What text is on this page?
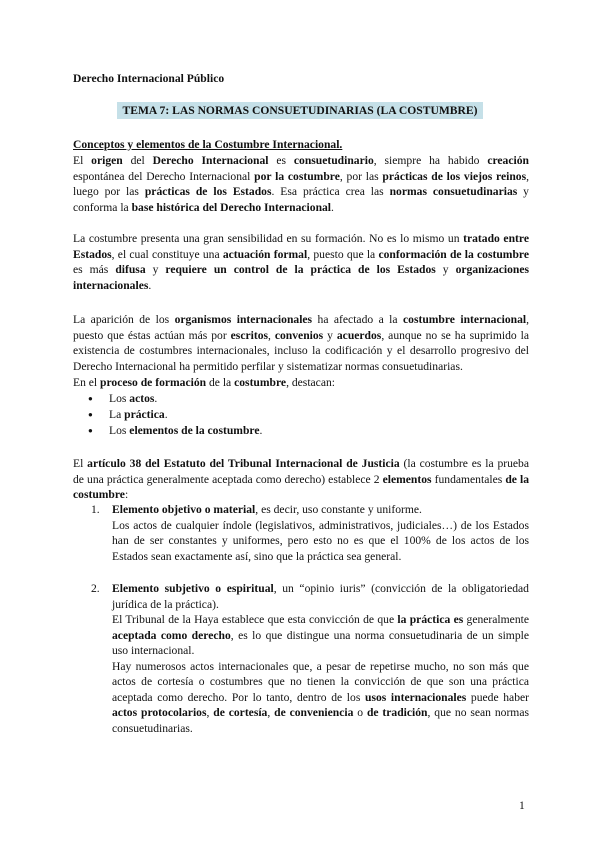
Derecho Internacional Público

TEMA 7: LAS NORMAS CONSUETUDINARIAS (LA COSTUMBRE)

Conceptos y elementos de la Costumbre Internacional.

El origen del Derecho Internacional es consuetudinario, siempre ha habido creación espontánea del Derecho Internacional por la costumbre, por las prácticas de los viejos reinos, luego por las prácticas de los Estados. Esa práctica crea las normas consuetudinarias y conforma la base histórica del Derecho Internacional.

La costumbre presenta una gran sensibilidad en su formación. No es lo mismo un tratado entre Estados, el cual constituye una actuación formal, puesto que la conformación de la costumbre es más difusa y requiere un control de la práctica de los Estados y organizaciones internacionales.

La aparición de los organismos internacionales ha afectado a la costumbre internacional, puesto que éstas actúan más por escritos, convenios y acuerdos, aunque no se ha suprimido la existencia de costumbres internacionales, incluso la codificación y el desarrollo progresivo del Derecho Internacional ha permitido perfilar y sistematizar normas consuetudinarias.

En el proceso de formación de la costumbre, destacan:

● Los actos.
● La práctica.
● Los elementos de la costumbre.

El artículo 38 del Estatuto del Tribunal Internacional de Justicia (la costumbre es la prueba de una práctica generalmente aceptada como derecho) establece 2 elementos fundamentales de la costumbre:

1. Elemento objetivo o material, es decir, uso constante y uniforme.

Los actos de cualquier índole (legislativos, administrativos, judiciales…) de los Estados han de ser constantes y uniformes, pero esto no es que el 100% de los actos de los Estados sean exactamente así, sino que la práctica sea general.

2. Elemento subjetivo o espiritual, un “opinio iuris” (convicción de la obligatoriedad jurídica de la práctica).

El Tribunal de la Haya establece que esta convicción de que la práctica es generalmente aceptada como derecho, es lo que distingue una norma consuetudinaria de un simple uso internacional.

Hay numerosos actos internacionales que, a pesar de repetirse mucho, no son más que actos de cortesía o costumbres que no tienen la convicción de que son una práctica aceptada como derecho. Por lo tanto, dentro de los usos internacionales puede haber actos protocolarios, de cortesía, de conveniencia o de tradición, que no sean normas consuetudinarias.

1
